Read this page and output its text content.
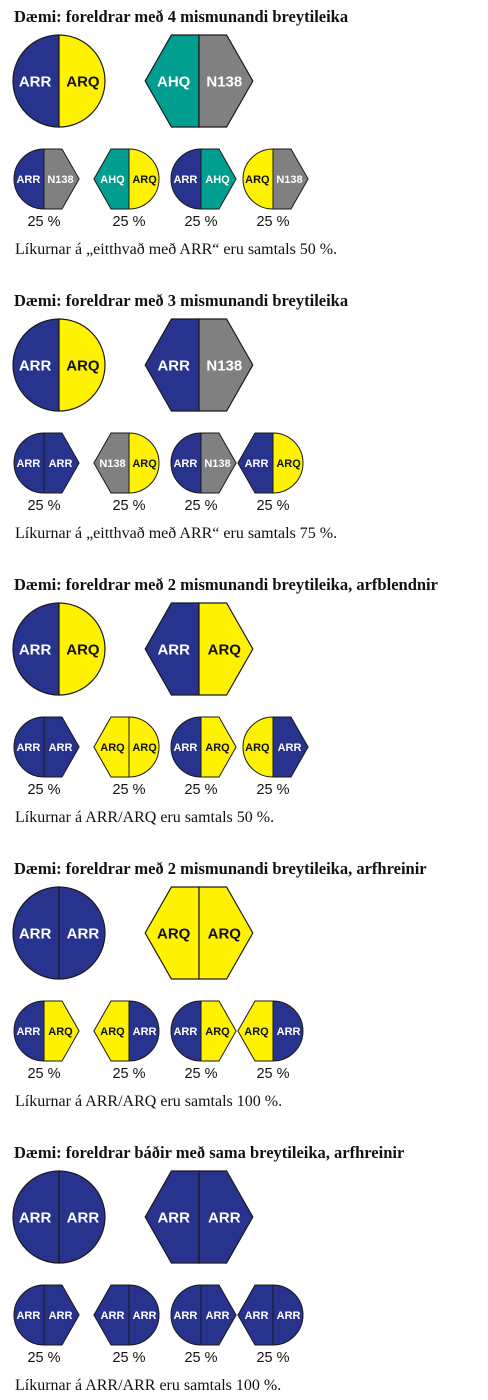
Dæmi: foreldrar með 4 mismunandi breytileika
ARR ARQ	AHQ N138
ARR N138
25 %
AHQ ARQ
25 %
ARR AHQ
25 %
ARQ N138
25 %
Líkurnar á „eitthvað með ARR“ eru samtals 50 %.
Dæmi: foreldrar með 3 mismunandi breytileika
ARR ARQ	ARR N138
ARR ARR
25 %
N138 ARQ
25 %
ARR N138
25 %
ARR ARQ
25 %
Líkurnar á „eitthvað með ARR“ eru samtals 75 %.
Dæmi: foreldrar með 2 mismunandi breytileika, arfblendnir
ARR ARQ	ARR ARQ
ARR ARR
25 %
ARQ ARQ
25 %
ARR ARQ
25 %
ARQ ARR
25 %
Líkurnar á ARR/ARQ eru samtals 50 %.
Dæmi: foreldrar með 2 mismunandi breytileika, arfhreinir
ARR ARR	ARQ ARQ
ARR ARQ
25 %
ARQ ARR
25 %
ARR ARQ
25 %
ARQ ARR
25 %
Líkurnar á ARR/ARQ eru samtals 100 %.
Dæmi: foreldrar báðir með sama breytileika, arfhreinir
ARR ARR	ARR ARR
ARR ARR
25 %
ARR ARR
25 %
ARR ARR
25 %
ARR ARR
25 %
Líkurnar á ARR/ARR eru samtals 100 %.
